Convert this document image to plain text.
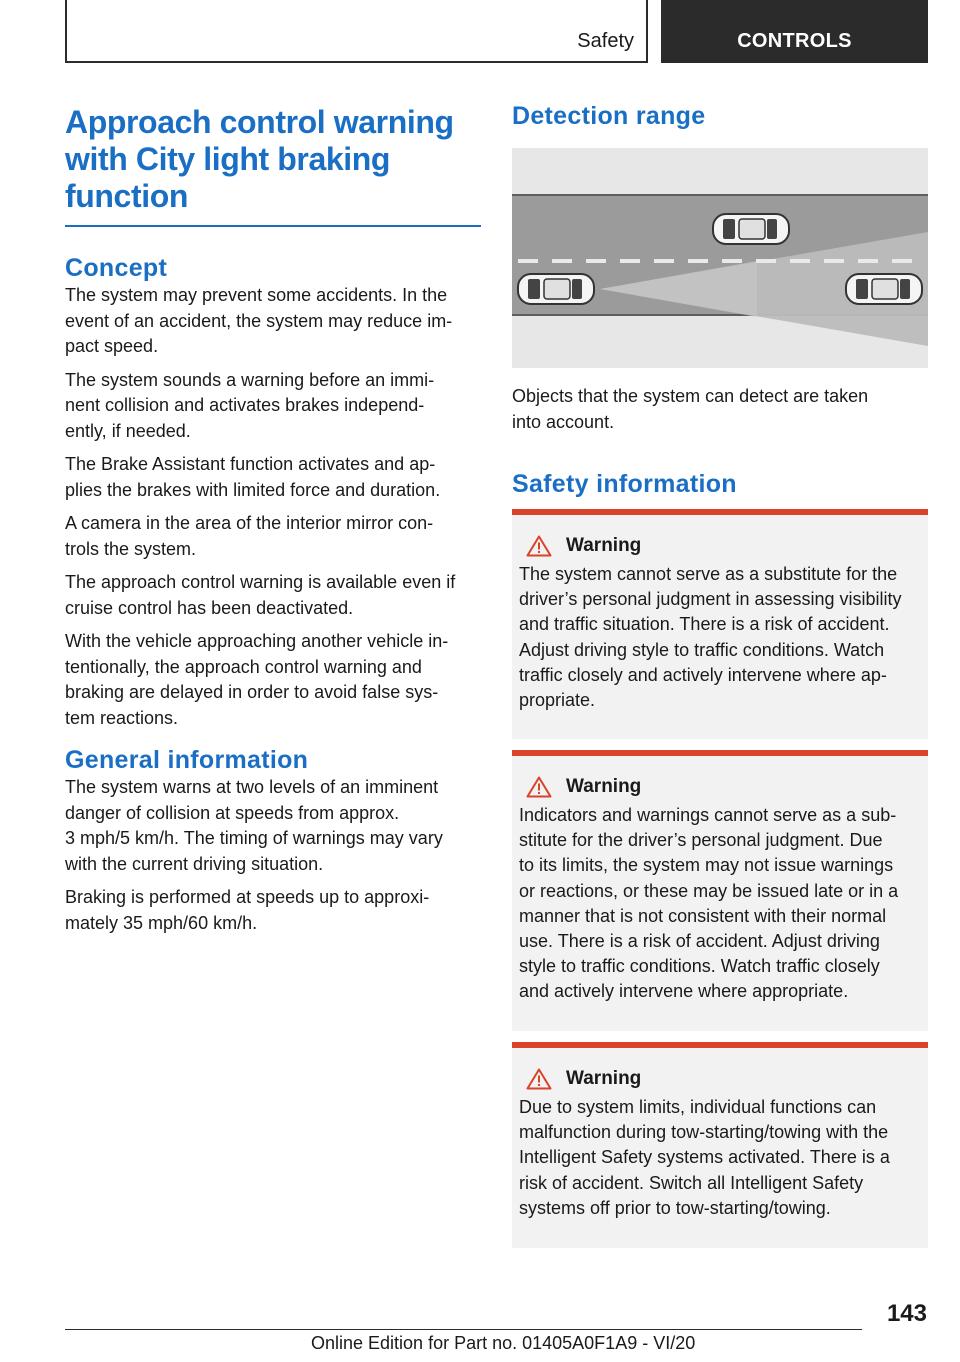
Safety	CONTROLS
Approach control warning
with City light braking
function
Concept

The system may prevent some accidents. In the
event of an accident, the system may reduce im‐
pact speed.

The system sounds a warning before an immi‐
nent collision and activates brakes independ‐
ently, if needed.

The Brake Assistant function activates and ap‐
plies the brakes with limited force and duration.

A camera in the area of the interior mirror con‐
trols the system.

The approach control warning is available even if
cruise control has been deactivated.

With the vehicle approaching another vehicle in‐
tentionally, the approach control warning and
braking are delayed in order to avoid false sys‐
tem reactions.

General information

The system warns at two levels of an imminent
danger of collision at speeds from approx.
3 mph/5 km/h. The timing of warnings may vary
with the current driving situation.

Braking is performed at speeds up to approxi‐
mately 35 mph/60 km/h.

Detection range

Objects that the system can detect are taken
into account.

Safety information
Warning
The system cannot serve as a substitute for the
driver’s personal judgment in assessing visibility
and traffic situation. There is a risk of accident.
Adjust driving style to traffic conditions. Watch
traffic closely and actively intervene where ap‐
propriate.
Warning
Indicators and warnings cannot serve as a sub‐
stitute for the driver’s personal judgment. Due
to its limits, the system may not issue warnings
or reactions, or these may be issued late or in a
manner that is not consistent with their normal
use. There is a risk of accident. Adjust driving
style to traffic conditions. Watch traffic closely
and actively intervene where appropriate.
Warning
Due to system limits, individual functions can
malfunction during tow-starting/towing with the
Intelligent Safety systems activated. There is a
risk of accident. Switch all Intelligent Safety
systems off prior to tow-starting/towing.
143
Online Edition for Part no. 01405A0F1A9 - VI/20
